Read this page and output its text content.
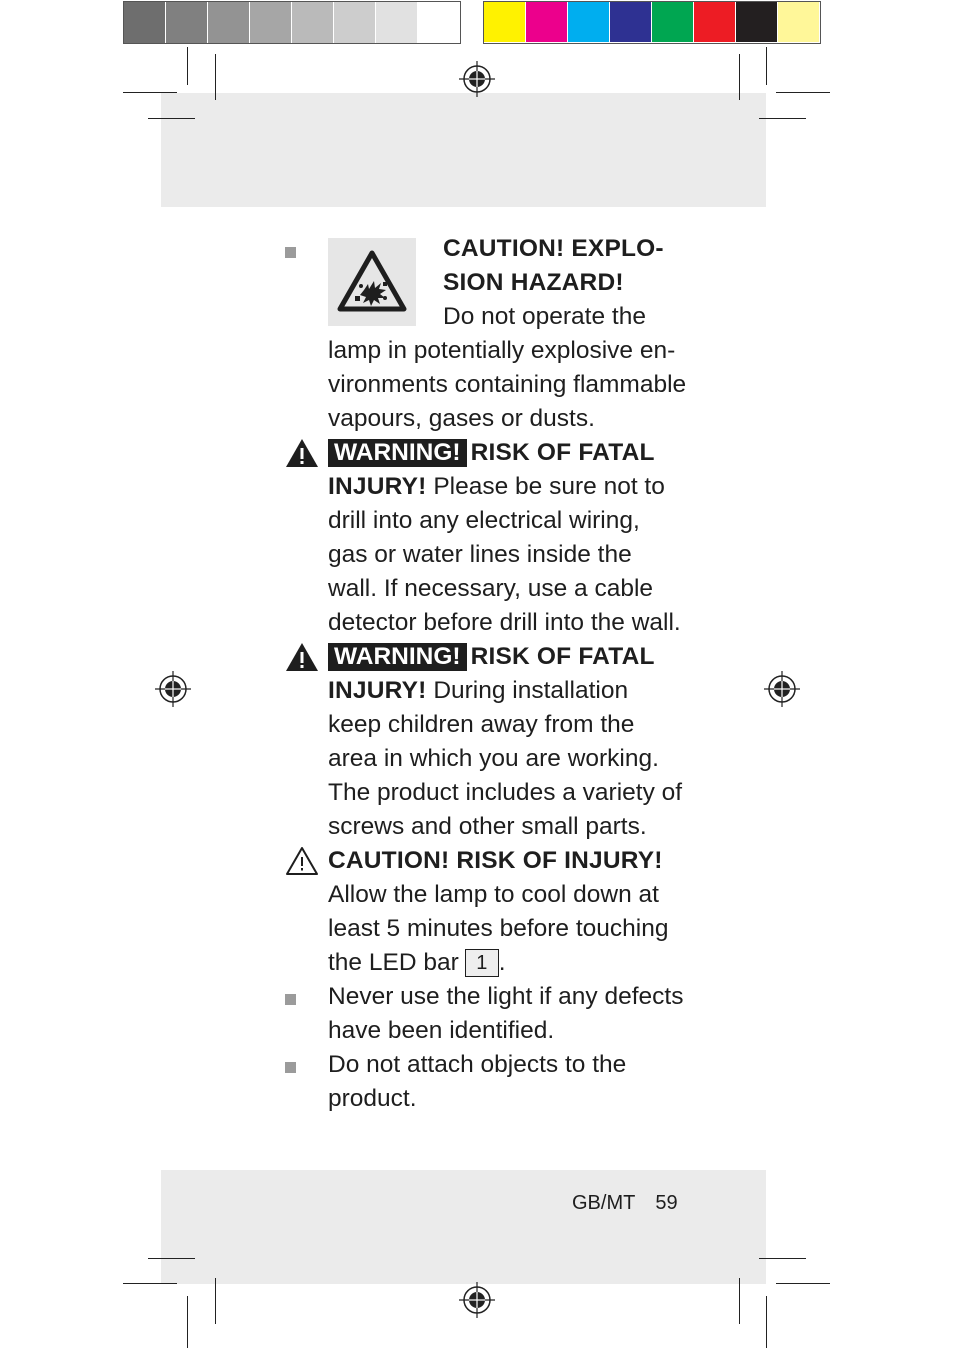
CAUTION! EXPLO-
SION HAZARD!
Do not operate the
lamp in potentially explosive en-
vironments containing flammable
vapours, gases or dusts.
WARNING! RISK OF FATAL
INJURY! Please be sure not to
drill into any electrical wiring,
gas or water lines inside the
wall. If necessary, use a cable
detector before drill into the wall.
WARNING! RISK OF FATAL
INJURY! During installation
keep children away from the
area in which you are working.
The product includes a variety of
screws and other small parts.
CAUTION! RISK OF INJURY!
Allow the lamp to cool down at
least 5 minutes before touching
the LED bar 1 .
Never use the light if any defects
have been identified.
Do not attach objects to the
product.
GB/MT 59
